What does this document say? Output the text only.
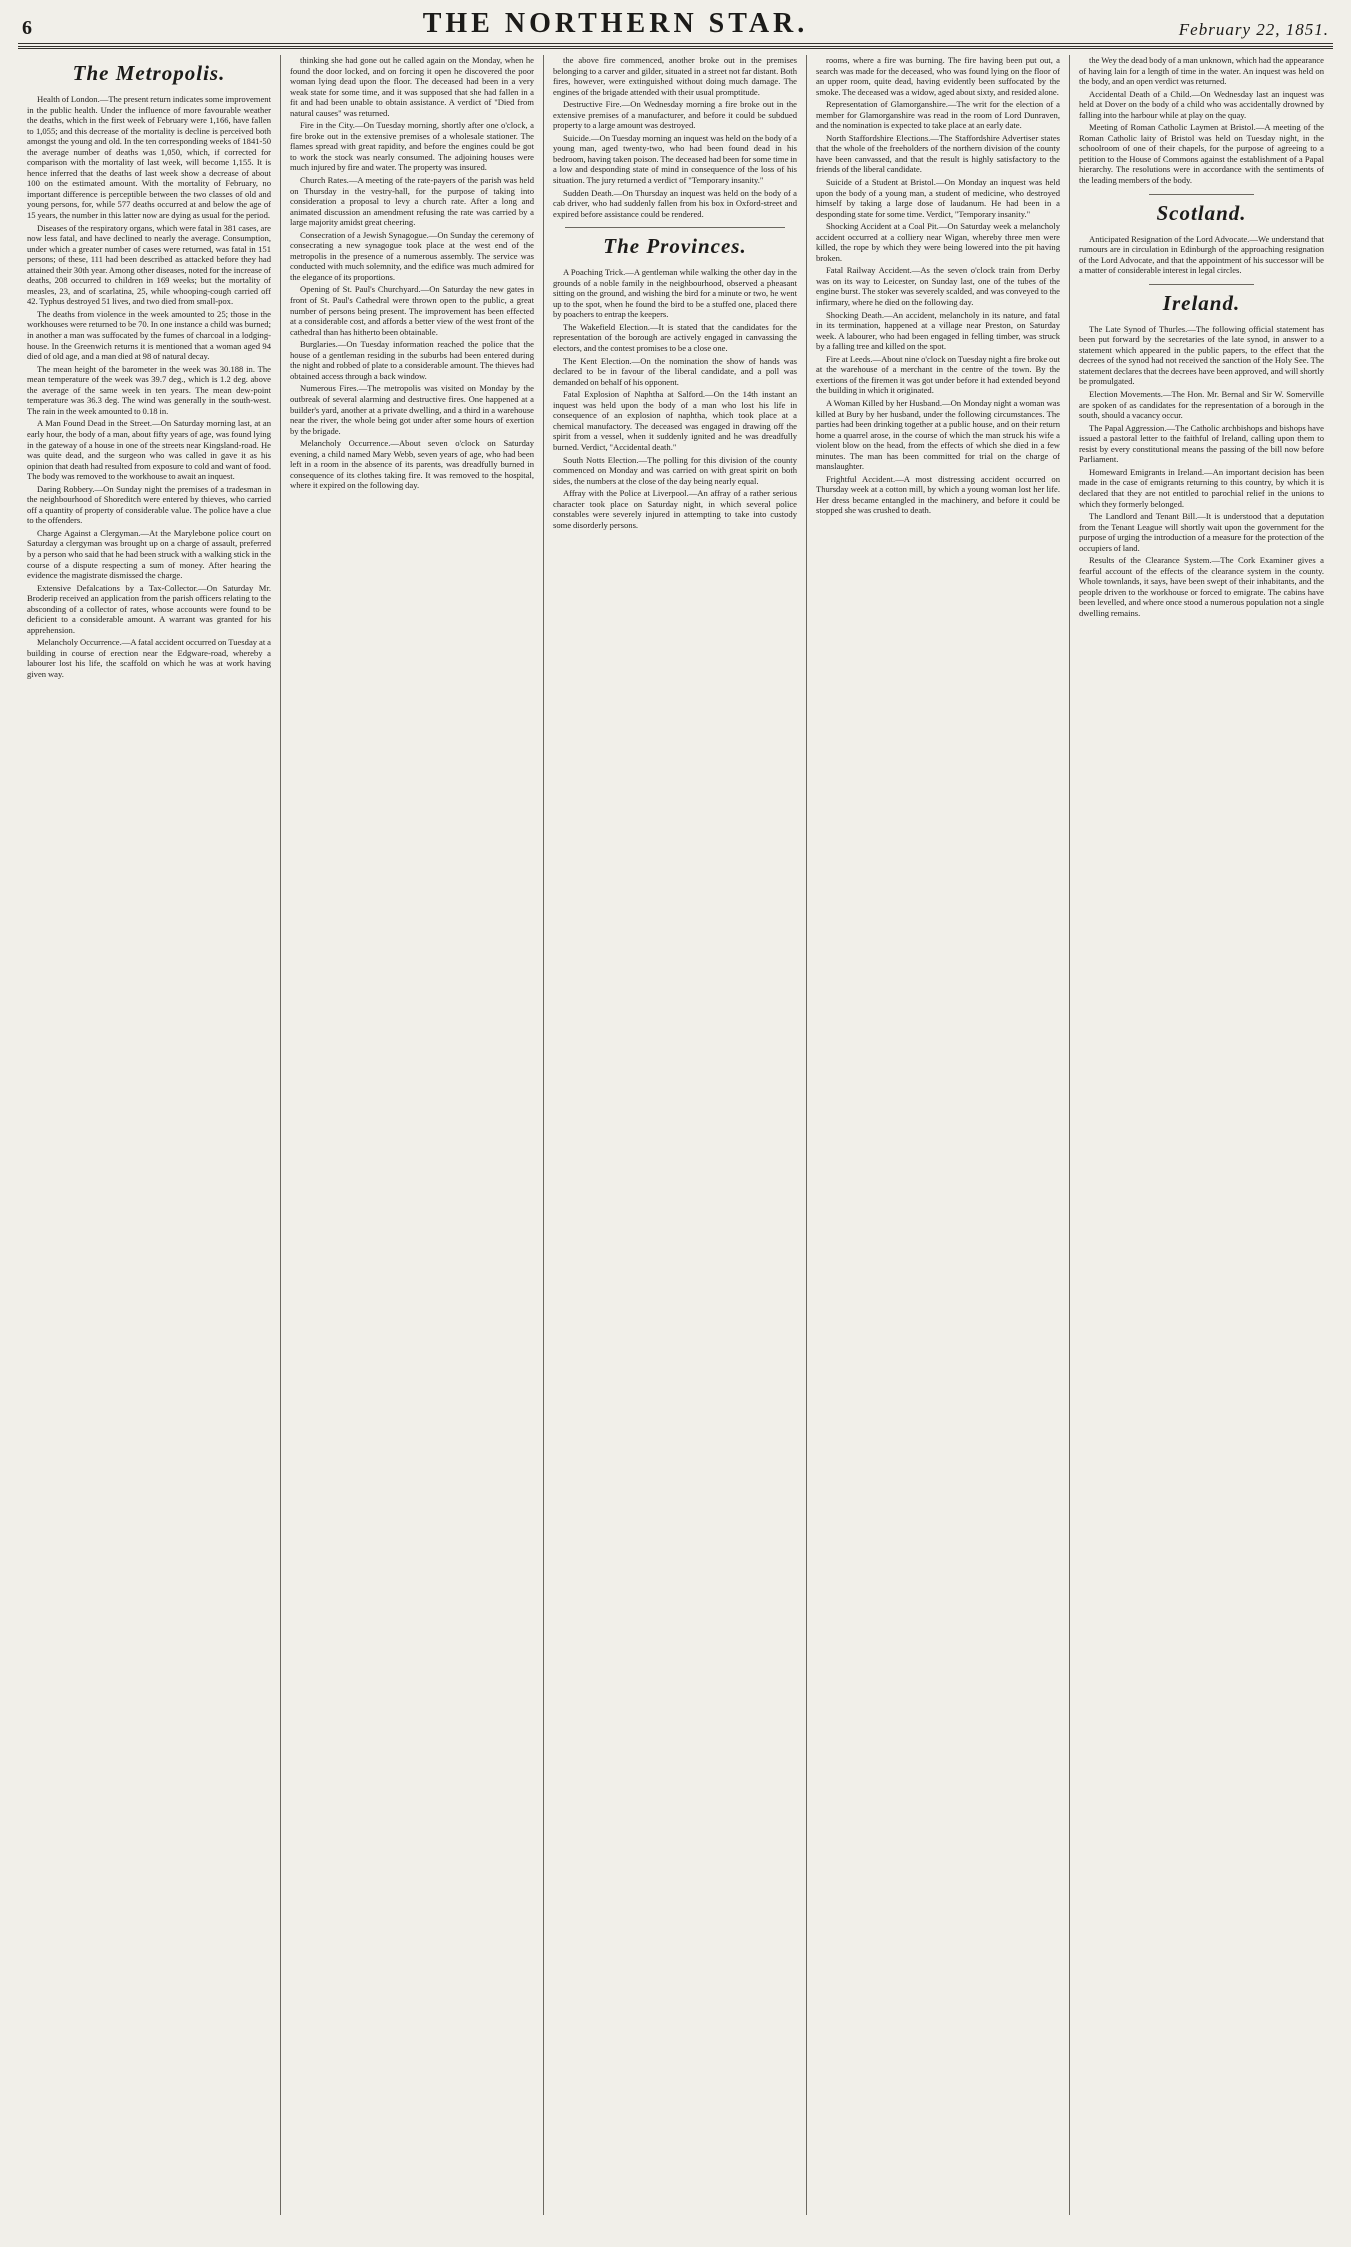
6	THE NORTHERN STAR.	February 22, 1851.
The Metropolis.

Health of London.—The present return indicates some improvement in the public health. Under the influence of more favourable weather the deaths, which in the first week of February were 1,166, have fallen to 1,055; and this decrease of the mortality is decline is perceived both amongst the young and old. In the ten corresponding weeks of 1841-50 the average number of deaths was 1,050, which, if corrected for comparison with the mortality of last week, will become 1,155. It is hence inferred that the deaths of last week show a decrease of about 100 on the estimated amount. With the mortality of February, no important difference is perceptible between the two classes of old and young persons, for, while 577 deaths occurred at and below the age of 15 years, the number in this latter now are dying as usual for the period.

Diseases of the respiratory organs, which were fatal in 381 cases, are now less fatal, and have declined to nearly the average. Consumption, under which a greater number of cases were returned, was fatal in 151 persons; of these, 111 had been described as attacked before they had attained their 30th year. Among other diseases, noted for the increase of deaths, 208 occurred to children in 169 weeks; but the mortality of measles, 23, and of scarlatina, 25, while whooping-cough carried off 42. Typhus destroyed 51 lives, and two died from small-pox.

The deaths from violence in the week amounted to 25; those in the workhouses were returned to be 70. In one instance a child was burned; in another a man was suffocated by the fumes of charcoal in a lodging-house. In the Greenwich returns it is mentioned that a woman aged 94 died of old age, and a man died at 98 of natural decay.

The mean height of the barometer in the week was 30.188 in. The mean temperature of the week was 39.7 deg., which is 1.2 deg. above the average of the same week in ten years. The mean dew-point temperature was 36.3 deg. The wind was generally in the south-west. The rain in the week amounted to 0.18 in.

A Man Found Dead in the Street.—On Saturday morning last, at an early hour, the body of a man, about fifty years of age, was found lying in the gateway of a house in one of the streets near Kingsland-road. He was quite dead, and the surgeon who was called in gave it as his opinion that death had resulted from exposure to cold and want of food. The body was removed to the workhouse to await an inquest.

Daring Robbery.—On Sunday night the premises of a tradesman in the neighbourhood of Shoreditch were entered by thieves, who carried off a quantity of property of considerable value. The police have a clue to the offenders.

Charge Against a Clergyman.—At the Marylebone police court on Saturday a clergyman was brought up on a charge of assault, preferred by a person who said that he had been struck with a walking stick in the course of a dispute respecting a sum of money. After hearing the evidence the magistrate dismissed the charge.

Extensive Defalcations by a Tax-Collector.—On Saturday Mr. Broderip received an application from the parish officers relating to the absconding of a collector of rates, whose accounts were found to be deficient to a considerable amount. A warrant was granted for his apprehension.

Melancholy Occurrence.—A fatal accident occurred on Tuesday at a building in course of erection near the Edgware-road, whereby a labourer lost his life, the scaffold on which he was at work having given way.

thinking she had gone out he called again on the Monday, when he found the door locked, and on forcing it open he discovered the poor woman lying dead upon the floor. The deceased had been in a very weak state for some time, and it was supposed that she had fallen in a fit and had been unable to obtain assistance. A verdict of "Died from natural causes" was returned.

Fire in the City.—On Tuesday morning, shortly after one o'clock, a fire broke out in the extensive premises of a wholesale stationer. The flames spread with great rapidity, and before the engines could be got to work the stock was nearly consumed. The adjoining houses were much injured by fire and water. The property was insured.

Church Rates.—A meeting of the rate-payers of the parish was held on Thursday in the vestry-hall, for the purpose of taking into consideration a proposal to levy a church rate. After a long and animated discussion an amendment refusing the rate was carried by a large majority amidst great cheering.

Consecration of a Jewish Synagogue.—On Sunday the ceremony of consecrating a new synagogue took place at the west end of the metropolis in the presence of a numerous assembly. The service was conducted with much solemnity, and the edifice was much admired for the elegance of its proportions.

Opening of St. Paul's Churchyard.—On Saturday the new gates in front of St. Paul's Cathedral were thrown open to the public, a great number of persons being present. The improvement has been effected at a considerable cost, and affords a better view of the west front of the cathedral than has hitherto been obtainable.

Burglaries.—On Tuesday information reached the police that the house of a gentleman residing in the suburbs had been entered during the night and robbed of plate to a considerable amount. The thieves had obtained access through a back window.

Numerous Fires.—The metropolis was visited on Monday by the outbreak of several alarming and destructive fires. One happened at a builder's yard, another at a private dwelling, and a third in a warehouse near the river, the whole being got under after some hours of exertion by the brigade.

Melancholy Occurrence.—About seven o'clock on Saturday evening, a child named Mary Webb, seven years of age, who had been left in a room in the absence of its parents, was dreadfully burned in consequence of its clothes taking fire. It was removed to the hospital, where it expired on the following day.

the above fire commenced, another broke out in the premises belonging to a carver and gilder, situated in a street not far distant. Both fires, however, were extinguished without doing much damage. The engines of the brigade attended with their usual promptitude.

Destructive Fire.—On Wednesday morning a fire broke out in the extensive premises of a manufacturer, and before it could be subdued property to a large amount was destroyed.

Suicide.—On Tuesday morning an inquest was held on the body of a young man, aged twenty-two, who had been found dead in his bedroom, having taken poison. The deceased had been for some time in a low and desponding state of mind in consequence of the loss of his situation. The jury returned a verdict of "Temporary insanity."

Sudden Death.—On Thursday an inquest was held on the body of a cab driver, who had suddenly fallen from his box in Oxford-street and expired before assistance could be rendered.

The Provinces.

A Poaching Trick.—A gentleman while walking the other day in the grounds of a noble family in the neighbourhood, observed a pheasant sitting on the ground, and wishing the bird for a minute or two, he went up to the spot, when he found the bird to be a stuffed one, placed there by poachers to entrap the keepers.

The Wakefield Election.—It is stated that the candidates for the representation of the borough are actively engaged in canvassing the electors, and the contest promises to be a close one.

The Kent Election.—On the nomination the show of hands was declared to be in favour of the liberal candidate, and a poll was demanded on behalf of his opponent.

Fatal Explosion of Naphtha at Salford.—On the 14th instant an inquest was held upon the body of a man who lost his life in consequence of an explosion of naphtha, which took place at a chemical manufactory. The deceased was engaged in drawing off the spirit from a vessel, when it suddenly ignited and he was dreadfully burned. Verdict, "Accidental death."

South Notts Election.—The polling for this division of the county commenced on Monday and was carried on with great spirit on both sides, the numbers at the close of the day being nearly equal.

Affray with the Police at Liverpool.—An affray of a rather serious character took place on Saturday night, in which several police constables were severely injured in attempting to take into custody some disorderly persons.

rooms, where a fire was burning. The fire having been put out, a search was made for the deceased, who was found lying on the floor of an upper room, quite dead, having evidently been suffocated by the smoke. The deceased was a widow, aged about sixty, and resided alone.

Representation of Glamorganshire.—The writ for the election of a member for Glamorganshire was read in the room of Lord Dunraven, and the nomination is expected to take place at an early date.

North Staffordshire Elections.—The Staffordshire Advertiser states that the whole of the freeholders of the northern division of the county have been canvassed, and that the result is highly satisfactory to the friends of the liberal candidate.

Suicide of a Student at Bristol.—On Monday an inquest was held upon the body of a young man, a student of medicine, who destroyed himself by taking a large dose of laudanum. He had been in a desponding state for some time. Verdict, "Temporary insanity."

Shocking Accident at a Coal Pit.—On Saturday week a melancholy accident occurred at a colliery near Wigan, whereby three men were killed, the rope by which they were being lowered into the pit having broken.

Fatal Railway Accident.—As the seven o'clock train from Derby was on its way to Leicester, on Sunday last, one of the tubes of the engine burst. The stoker was severely scalded, and was conveyed to the infirmary, where he died on the following day.

Shocking Death.—An accident, melancholy in its nature, and fatal in its termination, happened at a village near Preston, on Saturday week. A labourer, who had been engaged in felling timber, was struck by a falling tree and killed on the spot.

Fire at Leeds.—About nine o'clock on Tuesday night a fire broke out at the warehouse of a merchant in the centre of the town. By the exertions of the firemen it was got under before it had extended beyond the building in which it originated.

A Woman Killed by her Husband.—On Monday night a woman was killed at Bury by her husband, under the following circumstances. The parties had been drinking together at a public house, and on their return home a quarrel arose, in the course of which the man struck his wife a violent blow on the head, from the effects of which she died in a few minutes. The man has been committed for trial on the charge of manslaughter.

Frightful Accident.—A most distressing accident occurred on Thursday week at a cotton mill, by which a young woman lost her life. Her dress became entangled in the machinery, and before it could be stopped she was crushed to death.

the Wey the dead body of a man unknown, which had the appearance of having lain for a length of time in the water. An inquest was held on the body, and an open verdict was returned.

Accidental Death of a Child.—On Wednesday last an inquest was held at Dover on the body of a child who was accidentally drowned by falling into the harbour while at play on the quay.

Meeting of Roman Catholic Laymen at Bristol.—A meeting of the Roman Catholic laity of Bristol was held on Tuesday night, in the schoolroom of one of their chapels, for the purpose of agreeing to a petition to the House of Commons against the establishment of a Papal hierarchy. The resolutions were in accordance with the sentiments of the leading members of the body.

Scotland.

Anticipated Resignation of the Lord Advocate.—We understand that rumours are in circulation in Edinburgh of the approaching resignation of the Lord Advocate, and that the appointment of his successor will be a matter of considerable interest in legal circles.

Ireland.

The Late Synod of Thurles.—The following official statement has been put forward by the secretaries of the late synod, in answer to a statement which appeared in the public papers, to the effect that the decrees of the synod had not received the sanction of the Holy See. The statement declares that the decrees have been approved, and will shortly be promulgated.

Election Movements.—The Hon. Mr. Bernal and Sir W. Somerville are spoken of as candidates for the representation of a borough in the south, should a vacancy occur.

The Papal Aggression.—The Catholic archbishops and bishops have issued a pastoral letter to the faithful of Ireland, calling upon them to resist by every constitutional means the passing of the bill now before Parliament.

Homeward Emigrants in Ireland.—An important decision has been made in the case of emigrants returning to this country, by which it is declared that they are not entitled to parochial relief in the unions to which they formerly belonged.

The Landlord and Tenant Bill.—It is understood that a deputation from the Tenant League will shortly wait upon the government for the purpose of urging the introduction of a measure for the protection of the occupiers of land.

Results of the Clearance System.—The Cork Examiner gives a fearful account of the effects of the clearance system in the county. Whole townlands, it says, have been swept of their inhabitants, and the people driven to the workhouse or forced to emigrate. The cabins have been levelled, and where once stood a numerous population not a single dwelling remains.
